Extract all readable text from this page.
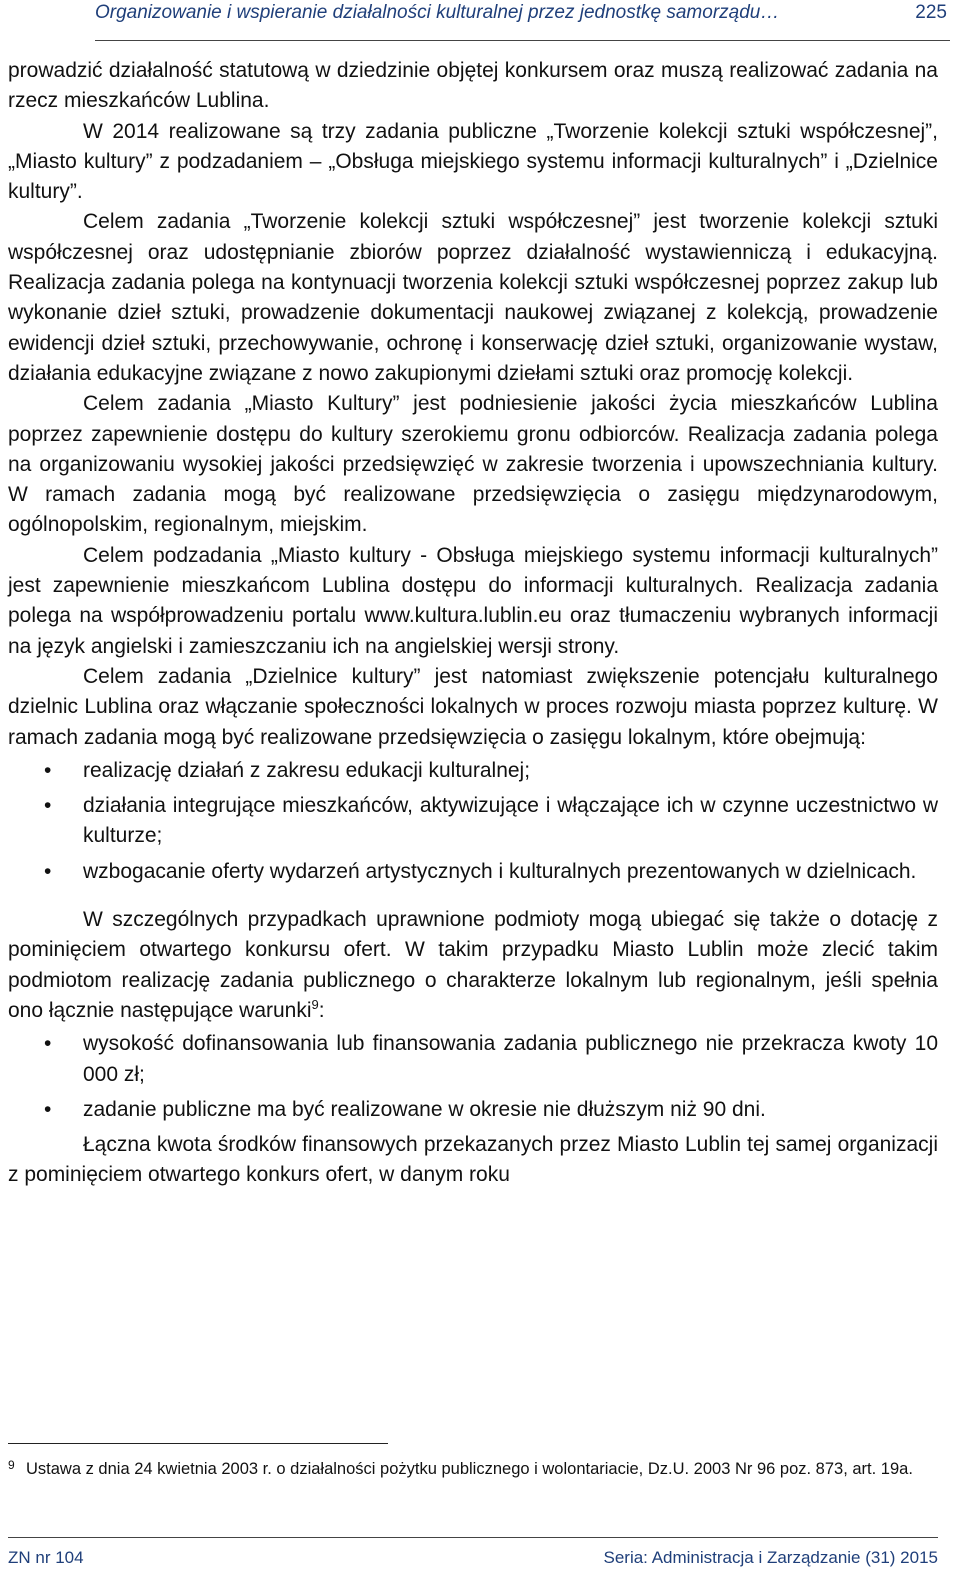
Organizowanie i wspieranie działalności kulturalnej przez jednostkę samorządu…	225

prowadzić działalność statutową w dziedzinie objętej konkursem oraz muszą realizować zadania na rzecz mieszkańców Lublina.

W 2014 realizowane są trzy zadania publiczne „Tworzenie kolekcji sztuki współczesnej”, „Miasto kultury” z podzadaniem – „Obsługa miejskiego systemu informacji kulturalnych” i „Dzielnice kultury”.

Celem zadania „Tworzenie kolekcji sztuki współczesnej” jest tworzenie kolekcji sztuki współczesnej oraz udostępnianie zbiorów poprzez działalność wystawienniczą i edukacyjną. Realizacja zadania polega na kontynuacji tworzenia kolekcji sztuki współczesnej poprzez zakup lub wykonanie dzieł sztuki, prowadzenie dokumentacji naukowej związanej z kolekcją, prowadzenie ewidencji dzieł sztuki, przechowywanie, ochronę i konserwację dzieł sztuki, organizowanie wystaw, działania edukacyjne związane z nowo zakupionymi dziełami sztuki oraz promocję kolekcji.

Celem zadania „Miasto Kultury” jest podniesienie jakości życia mieszkańców Lublina poprzez zapewnienie dostępu do kultury szerokiemu gronu odbiorców. Realizacja zadania polega na organizowaniu wysokiej jakości przedsięwzięć w zakresie tworzenia i upowszechniania kultury. W ramach zadania mogą być realizowane przedsięwzięcia o zasięgu międzynarodowym, ogólnopolskim, regionalnym, miejskim.

Celem podzadania „Miasto kultury - Obsługa miejskiego systemu informacji kulturalnych” jest zapewnienie mieszkańcom Lublina dostępu do informacji kulturalnych. Realizacja zadania polega na współprowadzeniu portalu www.kultura.lublin.eu oraz tłumaczeniu wybranych informacji na język angielski i zamieszczaniu ich na angielskiej wersji strony.

Celem zadania „Dzielnice kultury” jest natomiast zwiększenie potencjału kulturalnego dzielnic Lublina oraz włączanie społeczności lokalnych w proces rozwoju miasta poprzez kulturę. W ramach zadania mogą być realizowane przedsięwzięcia o zasięgu lokalnym, które obejmują:

• realizację działań z zakresu edukacji kulturalnej;
• działania integrujące mieszkańców, aktywizujące i włączające ich w czynne uczestnictwo w kulturze;
• wzbogacanie oferty wydarzeń artystycznych i kulturalnych prezentowanych w dzielnicach.

W szczególnych przypadkach uprawnione podmioty mogą ubiegać się także o dotację z pominięciem otwartego konkursu ofert. W takim przypadku Miasto Lublin może zlecić takim podmiotom realizację zadania publicznego o charakterze lokalnym lub regionalnym, jeśli spełnia ono łącznie następujące warunki$^9$:

• wysokość dofinansowania lub finansowania zadania publicznego nie przekracza kwoty 10 000 zł;
• zadanie publiczne ma być realizowane w okresie nie dłuższym niż 90 dni.

Łączna kwota środków finansowych przekazanych przez Miasto Lublin tej samej organizacji z pominięciem otwartego konkurs ofert, w danym roku

9 Ustawa z dnia 24 kwietnia 2003 r. o działalności pożytku publicznego i wolontariacie, Dz.U. 2003 Nr 96 poz. 873, art. 19a.
ZN nr 104	Seria: Administracja i Zarządzanie (31) 2015
